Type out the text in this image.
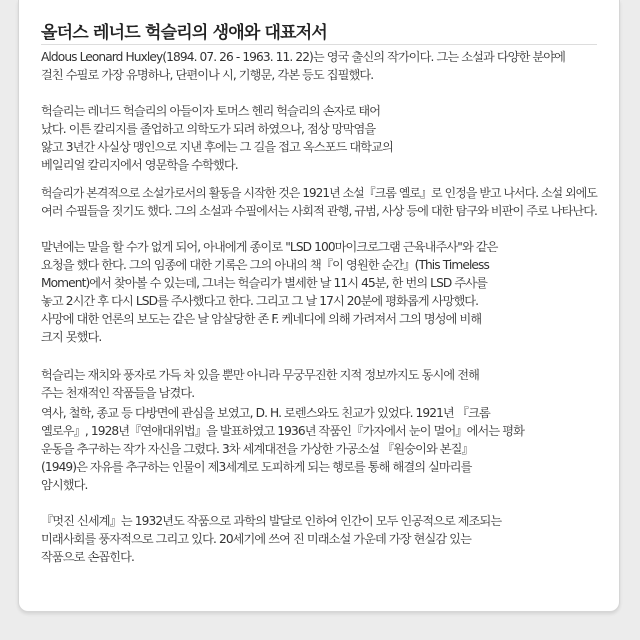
올더스 레너드 헉슬리의 생애와 대표저서
Aldous Leonard Huxley(1894. 07. 26 - 1963. 11. 22)는 영국 출신의 작가이다. 그는 소설과 다양한 분야에
걸친 수필로 가장 유명하나, 단편이나 시, 기행문, 각본 등도 집필했다.
헉슬리는 레너드 헉슬리의 아들이자 토머스 헨리 헉슬리의 손자로 태어
났다. 이튼 칼리지를 졸업하고 의학도가 되려 하였으나, 점상 망막염을
앓고 3년간 사실상 맹인으로 지낸 후에는 그 길을 접고 옥스포드 대학교의
베일리얼 칼리지에서 영문학을 수학했다.
헉슬리가 본격적으로 소설가로서의 활동을 시작한 것은 1921년 소설『크롬 옐로』로 인정을 받고 나서다. 소설 외에도
여러 수필들을 짓기도 했다. 그의 소설과 수필에서는 사회적 관행, 규범, 사상 등에 대한 탐구와 비판이 주로 나타난다.
말년에는 말을 할 수가 없게 되어, 아내에게 종이로 "LSD 100마이크로그램 근육내주사"와 같은
요청을 했다 한다. 그의 임종에 대한 기록은 그의 아내의 책『이 영원한 순간』(This Timeless
Moment)에서 찾아볼 수 있는데, 그녀는 헉슬리가 별세한 날 11시 45분, 한 번의 LSD 주사를
놓고 2시간 후 다시 LSD를 주사했다고 한다. 그리고 그 날 17시 20분에 평화롭게 사망했다.
사망에 대한 언론의 보도는 같은 날 암살당한 존 F. 케네디에 의해 가려져서 그의 명성에 비해
크지 못했다.
헉슬리는 재치와 풍자로 가득 차 있을 뿐만 아니라 무궁무진한 지적 정보까지도 동시에 전해
주는 천재적인 작품들을 남겼다.
역사, 철학, 종교 등 다방면에 관심을 보였고, D. H. 로렌스와도 친교가 있었다. 1921년 『크롬
옐로우』, 1928년『연애대위법』을 발표하였고 1936년 작품인『가자에서 눈이 멀어』에서는 평화
운동을 추구하는 작가 자신을 그렸다. 3차 세계대전을 가상한 가공소설 『원숭이와 본질』
(1949)은 자유를 추구하는 인물이 제3세계로 도피하게 되는 행로를 통해 해결의 실마리를
암시했다.
『멋진 신세계』는 1932년도 작품으로 과학의 발달로 인하여 인간이 모두 인공적으로 제조되는
미래사회를 풍자적으로 그리고 있다. 20세기에 쓰여 진 미래소설 가운데 가장 현실감 있는
작품으로 손꼽힌다.
